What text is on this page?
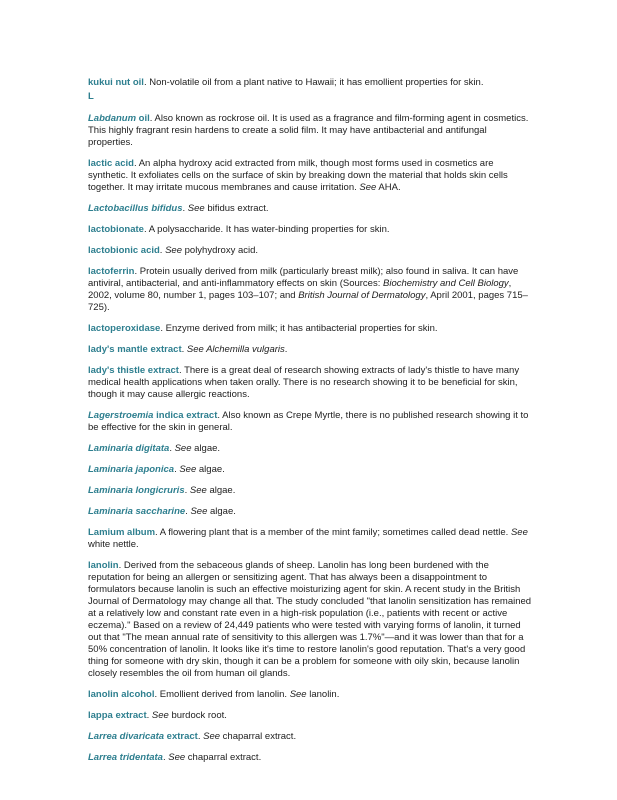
kukui nut oil. Non-volatile oil from a plant native to Hawaii; it has emollient properties for skin.

L

Labdanum oil. Also known as rockrose oil. It is used as a fragrance and film-forming agent in cosmetics. This highly fragrant resin hardens to create a solid film. It may have antibacterial and antifungal properties.

lactic acid. An alpha hydroxy acid extracted from milk, though most forms used in cosmetics are synthetic. It exfoliates cells on the surface of skin by breaking down the material that holds skin cells together. It may irritate mucous membranes and cause irritation. See AHA.

Lactobacillus bifidus. See bifidus extract.

lactobionate. A polysaccharide. It has water-binding properties for skin.

lactobionic acid. See polyhydroxy acid.

lactoferrin. Protein usually derived from milk (particularly breast milk); also found in saliva. It can have antiviral, antibacterial, and anti-inflammatory effects on skin (Sources: Biochemistry and Cell Biology, 2002, volume 80, number 1, pages 103–107; and British Journal of Dermatology, April 2001, pages 715–725).

lactoperoxidase. Enzyme derived from milk; it has antibacterial properties for skin.

lady's mantle extract. See Alchemilla vulgaris.

lady's thistle extract. There is a great deal of research showing extracts of lady's thistle to have many medical health applications when taken orally. There is no research showing it to be beneficial for skin, though it may cause allergic reactions.

Lagerstroemia indica extract. Also known as Crepe Myrtle, there is no published research showing it to be effective for the skin in general.

Laminaria digitata. See algae.

Laminaria japonica. See algae.

Laminaria longicruris. See algae.

Laminaria saccharine. See algae.

Lamium album. A flowering plant that is a member of the mint family; sometimes called dead nettle. See white nettle.

lanolin. Derived from the sebaceous glands of sheep. Lanolin has long been burdened with the reputation for being an allergen or sensitizing agent. That has always been a disappointment to formulators because lanolin is such an effective moisturizing agent for skin. A recent study in the British Journal of Dermatology may change all that. The study concluded "that lanolin sensitization has remained at a relatively low and constant rate even in a high-risk population (i.e., patients with recent or active eczema)." Based on a review of 24,449 patients who were tested with varying forms of lanolin, it turned out that "The mean annual rate of sensitivity to this allergen was 1.7%"—and it was lower than that for a 50% concentration of lanolin. It looks like it's time to restore lanolin's good reputation. That's a very good thing for someone with dry skin, though it can be a problem for someone with oily skin, because lanolin closely resembles the oil from human oil glands.

lanolin alcohol. Emollient derived from lanolin. See lanolin.

lappa extract. See burdock root.

Larrea divaricata extract. See chaparral extract.

Larrea tridentata. See chaparral extract.
